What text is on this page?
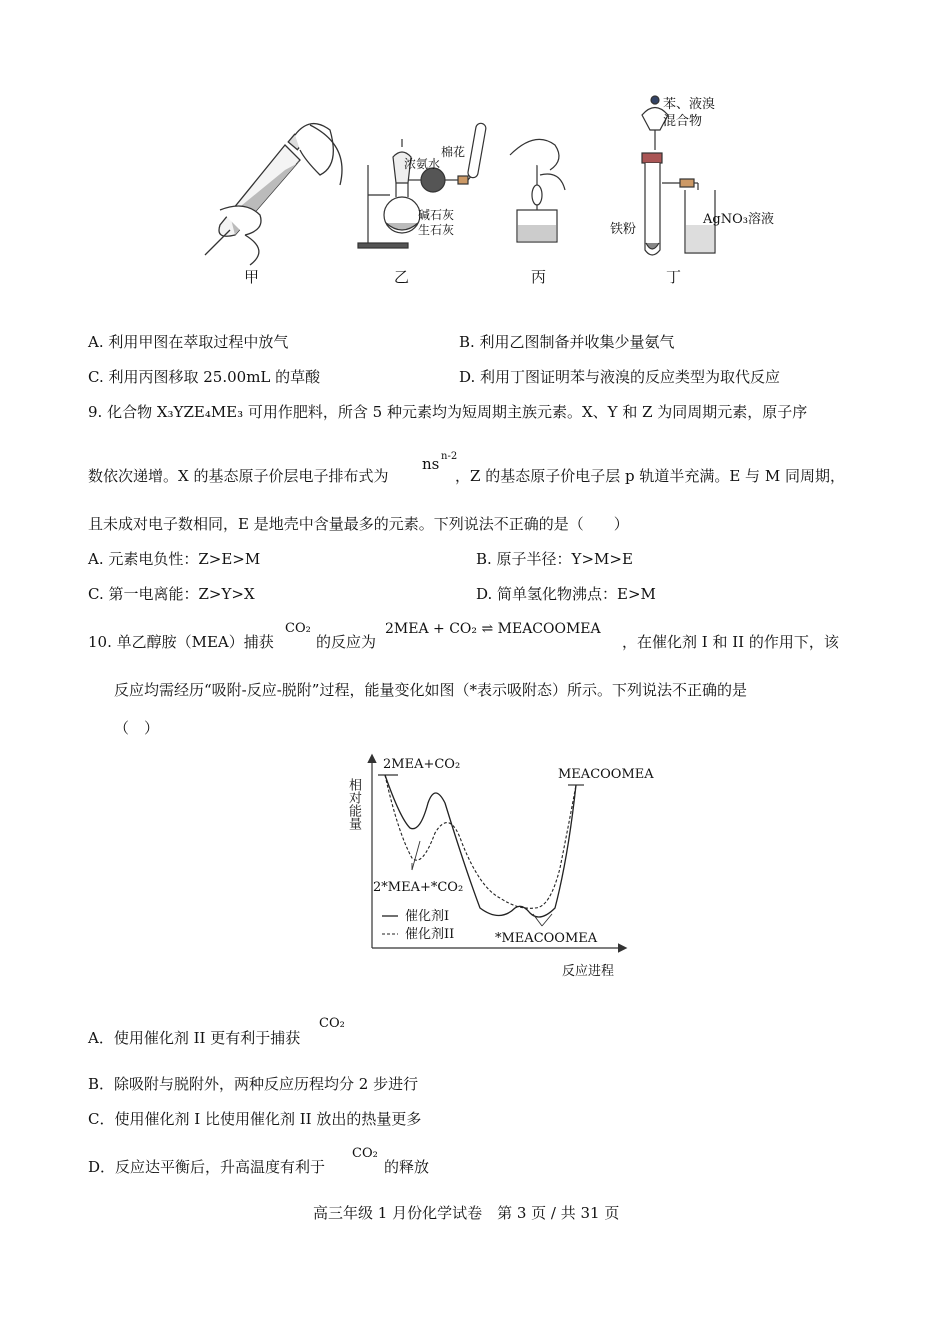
浓氨水
棉花
碱石灰
生石灰
苯、液溴
混合物
铁粉
AgNO₃溶液
甲	乙	丙	丁
A. 利用甲图在萃取过程中放气	B. 利用乙图制备并收集少量氨气
C. 利用丙图移取 25.00mL 的草酸	D. 利用丁图证明苯与液溴的反应类型为取代反应
9. 化合物 X₃YZE₄ME₃ 可用作肥料，所含 5 种元素均为短周期主族元素。X、Y 和 Z 为同周期元素，原子序
数依次递增。X 的基态原子价层电子排布式为
ns n-2
，Z 的基态原子价电子层 p 轨道半充满。E 与 M 同周期，
且未成对电子数相同，E 是地壳中含量最多的元素。下列说法不正确的是（　　）
A. 元素电负性：Z>E>M	B. 原子半径：Y>M>E
C. 第一电离能：Z>Y>X	D. 简单氢化物沸点：E>M
10. 单乙醇胺（MEA）捕获
CO₂
的反应为
2MEA + CO₂ ⇌ MEACOOMEA
，在催化剂 I 和 II 的作用下，该
反应均需经历“吸附-反应-脱附”过程，能量变化如图（*表示吸附态）所示。下列说法不正确的是
（　）
相对能量
反应进程
2MEA+CO₂
MEACOOMEA
2*MEA+*CO₂
*MEACOOMEA
催化剂I
催化剂II
A．使用催化剂 II 更有利于捕获
CO₂
B．除吸附与脱附外，两种反应历程均分 2 步进行
C．使用催化剂 I 比使用催化剂 II 放出的热量更多
D．反应达平衡后，升高温度有利于
CO₂
的释放
高三年级 1 月份化学试卷　第 3 页 / 共 31 页
